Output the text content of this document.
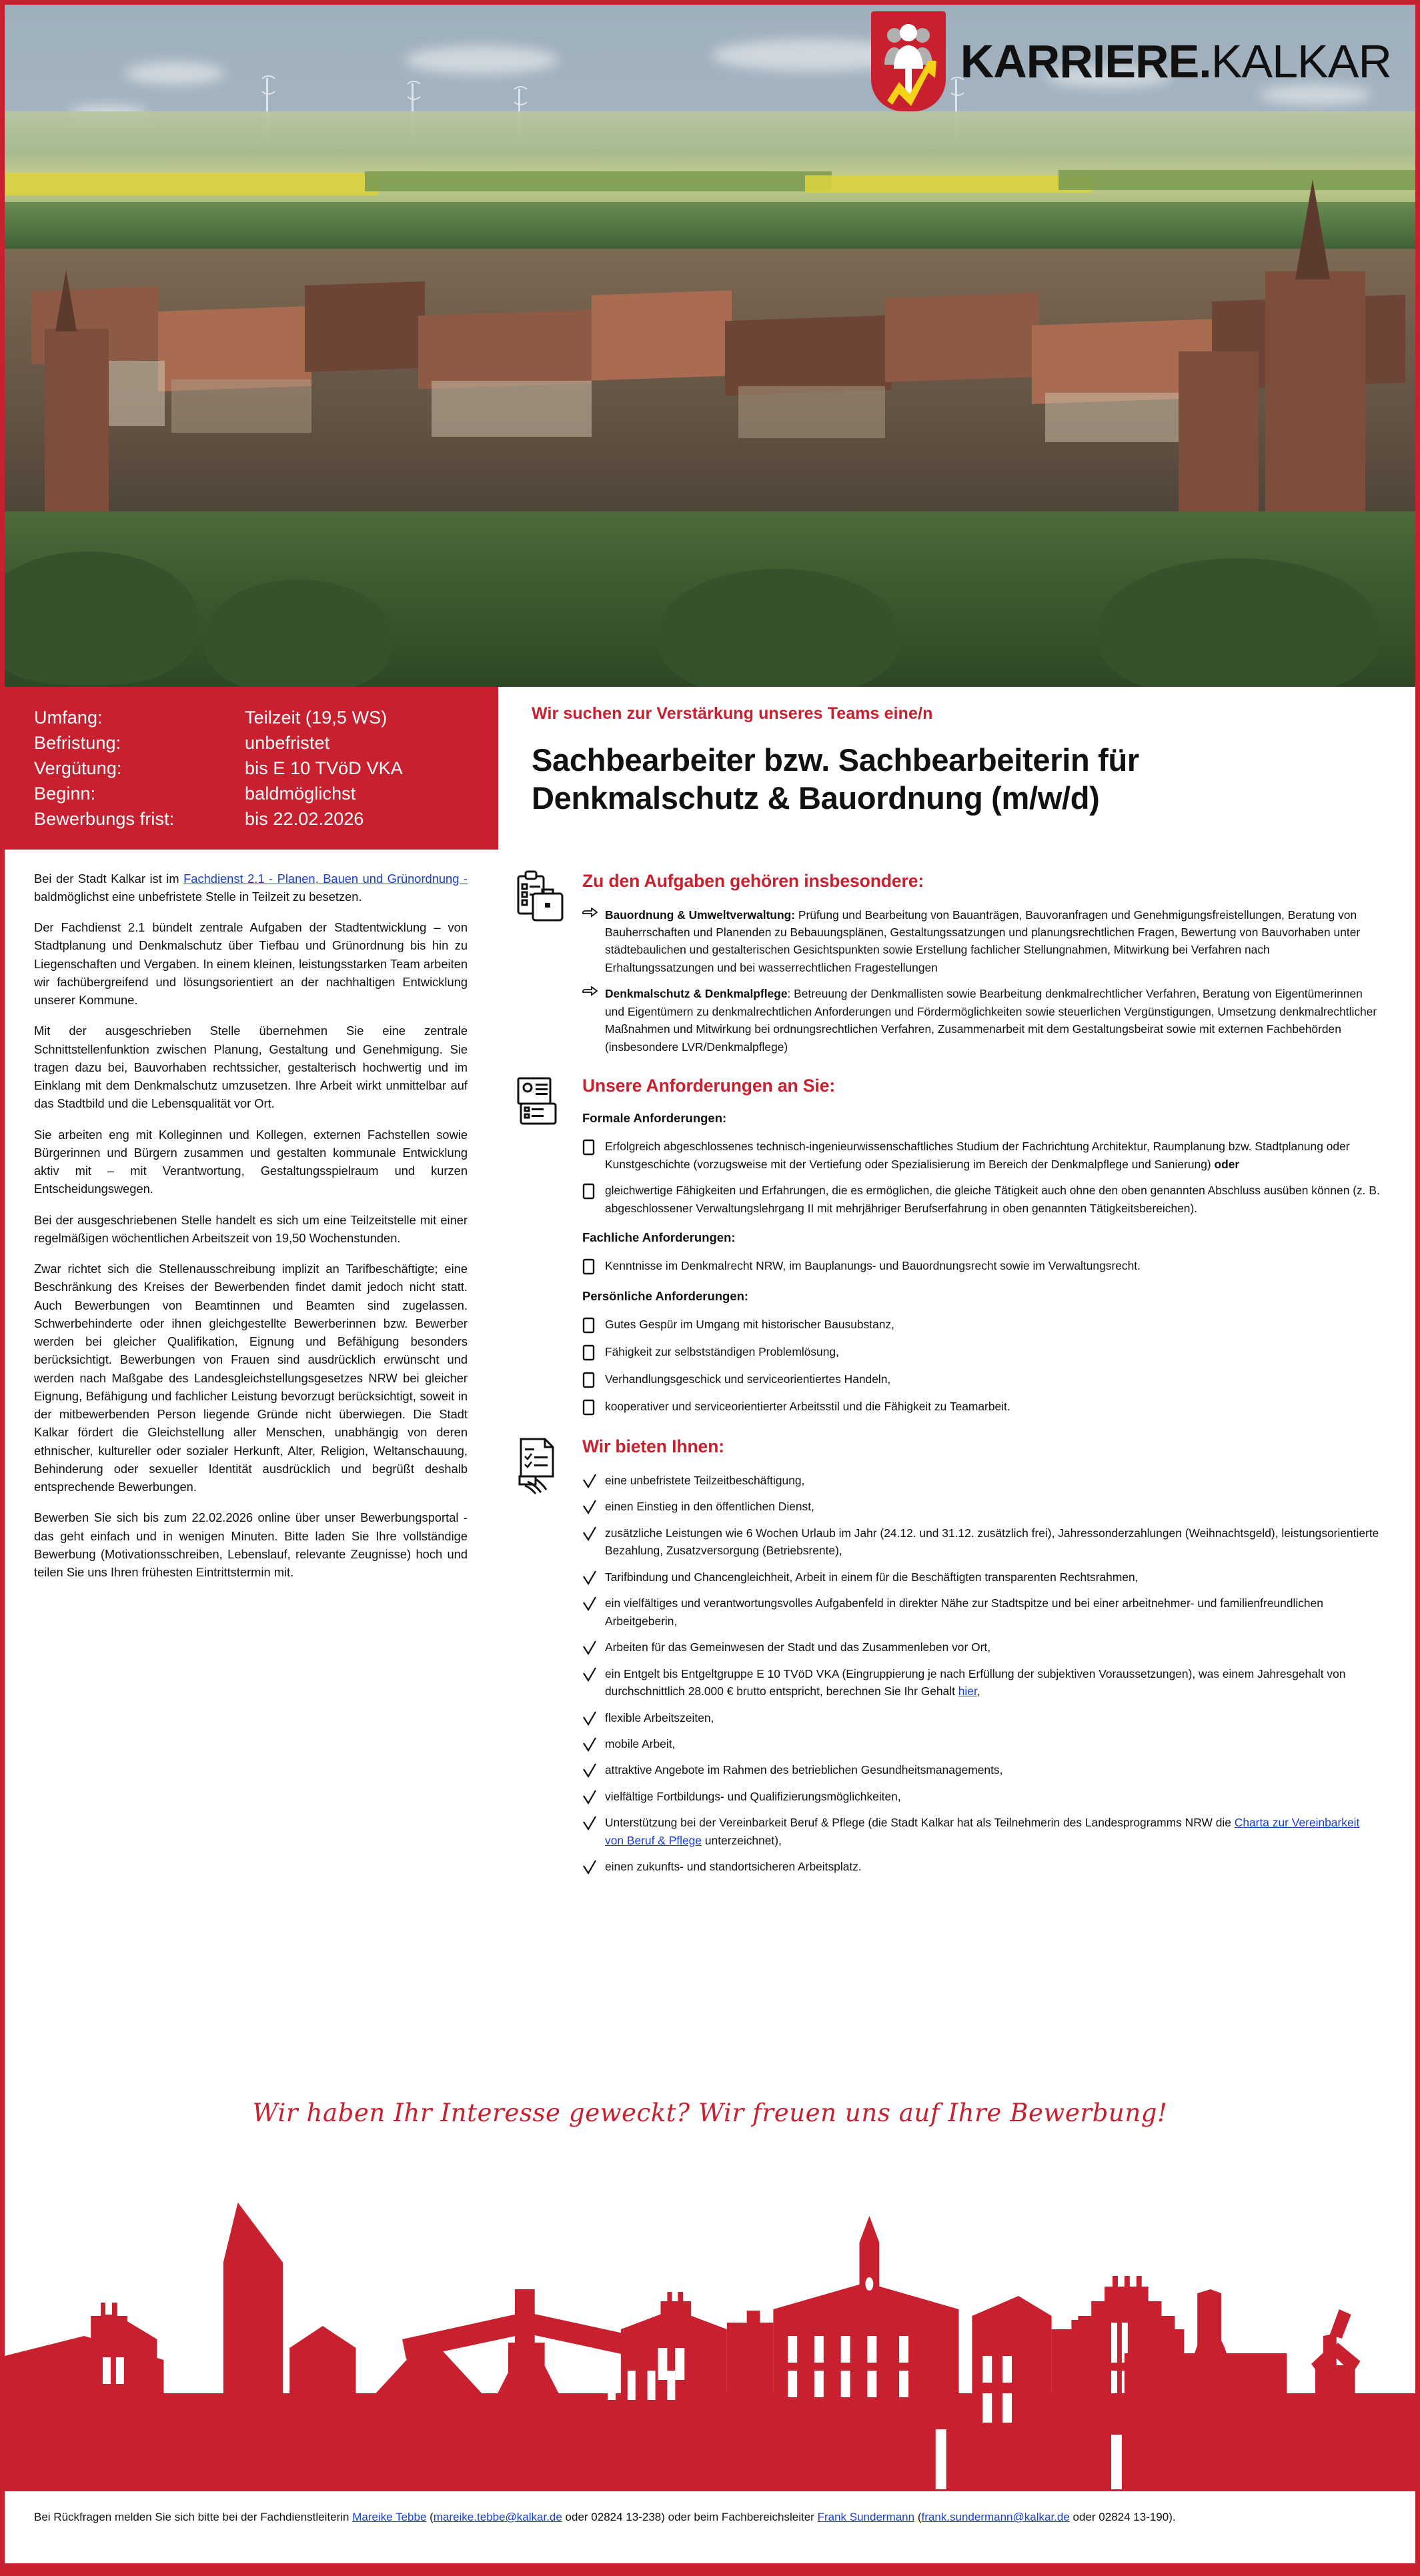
KARRIERE.KALKAR
Umfang:	Teilzeit (19,5 WS)
Befristung:	unbefristet
Vergütung:	bis E 10 TVöD VKA
Beginn:	baldmöglichst
Bewerbungs frist:	bis 22.02.2026

Wir suchen zur Verstärkung unseres Teams eine/n

Sachbearbeiter bzw. Sachbearbeiterin für
Denkmalschutz & Bauordnung (m/w/d)

Bei der Stadt Kalkar ist im Fachdienst 2.1 - Planen, Bauen und Grünordnung - baldmöglichst eine unbefristete Stelle in Teilzeit zu besetzen.

Der Fachdienst 2.1 bündelt zentrale Aufgaben der Stadtentwicklung – von Stadtplanung und Denkmalschutz über Tiefbau und Grünordnung bis hin zu Liegenschaften und Vergaben. In einem kleinen, leistungsstarken Team arbeiten wir fachübergreifend und lösungsorientiert an der nachhaltigen Entwicklung unserer Kommune.

Mit der ausgeschrieben Stelle übernehmen Sie eine zentrale Schnittstellenfunktion zwischen Planung, Gestaltung und Genehmigung. Sie tragen dazu bei, Bauvorhaben rechtssicher, gestalterisch hochwertig und im Einklang mit dem Denkmalschutz umzusetzen. Ihre Arbeit wirkt unmittelbar auf das Stadtbild und die Lebensqualität vor Ort.

Sie arbeiten eng mit Kolleginnen und Kollegen, externen Fachstellen sowie Bürgerinnen und Bürgern zusammen und gestalten kommunale Entwicklung aktiv mit – mit Verantwortung, Gestaltungsspielraum und kurzen Entscheidungswegen.

Bei der ausgeschriebenen Stelle handelt es sich um eine Teilzeitstelle mit einer regelmäßigen wöchentlichen Arbeitszeit von 19,50 Wochenstunden.

Zwar richtet sich die Stellenausschreibung implizit an Tarifbeschäftigte; eine Beschränkung des Kreises der Bewerbenden findet damit jedoch nicht statt. Auch Bewerbungen von Beamtinnen und Beamten sind zugelassen. Schwerbehinderte oder ihnen gleichgestellte Bewerberinnen bzw. Bewerber werden bei gleicher Qualifikation, Eignung und Befähigung besonders berücksichtigt. Bewerbungen von Frauen sind ausdrücklich erwünscht und werden nach Maßgabe des Landesgleichstellungsgesetzes NRW bei gleicher Eignung, Befähigung und fachlicher Leistung bevorzugt berücksichtigt, soweit in der mitbewerbenden Person liegende Gründe nicht überwiegen. Die Stadt Kalkar fördert die Gleichstellung aller Menschen, unabhängig von deren ethnischer, kultureller oder sozialer Herkunft, Alter, Religion, Weltanschauung, Behinderung oder sexueller Identität ausdrücklich und begrüßt deshalb entsprechende Bewerbungen.

Bewerben Sie sich bis zum 22.02.2026 online über unser Bewerbungsportal - das geht einfach und in wenigen Minuten. Bitte laden Sie Ihre vollständige Bewerbung (Motivationsschreiben, Lebenslauf, relevante Zeugnisse) hoch und teilen Sie uns Ihren frühesten Eintrittstermin mit.

Zu den Aufgaben gehören insbesondere:
Bauordnung & Umweltverwaltung: Prüfung und Bearbeitung von Bauanträgen, Bauvoranfragen und Genehmigungsfreistellungen, Beratung von Bauherrschaften und Planenden zu Bebauungsplänen, Gestaltungssatzungen und planungsrechtlichen Fragen, Bewertung von Bauvorhaben unter städtebaulichen und gestalterischen Gesichtspunkten sowie Erstellung fachlicher Stellungnahmen, Mitwirkung bei Verfahren nach Erhaltungssatzungen und bei wasserrechtlichen Fragestellungen
Denkmalschutz & Denkmalpflege: Betreuung der Denkmallisten sowie Bearbeitung denkmalrechtlicher Verfahren, Beratung von Eigentümerinnen und Eigentümern zu denkmalrechtlichen Anforderungen und Fördermöglichkeiten sowie steuerlichen Vergünstigungen, Umsetzung denkmalrechtlicher Maßnahmen und Mitwirkung bei ordnungsrechtlichen Verfahren, Zusammenarbeit mit dem Gestaltungsbeirat sowie mit externen Fachbehörden (insbesondere LVR/Denkmalpflege)
Unsere Anforderungen an Sie:

Formale Anforderungen:

Erfolgreich abgeschlossenes technisch-ingenieurwissenschaftliches Studium der Fachrichtung Architektur, Raumplanung bzw. Stadtplanung oder Kunstgeschichte (vorzugsweise mit der Vertiefung oder Spezialisierung im Bereich der Denkmalpflege und Sanierung) oder
gleichwertige Fähigkeiten und Erfahrungen, die es ermöglichen, die gleiche Tätigkeit auch ohne den oben genannten Abschluss ausüben können (z. B. abgeschlossener Verwaltungslehrgang II mit mehrjähriger Berufserfahrung in oben genannten Tätigkeitsbereichen).

Fachliche Anforderungen:

Kenntnisse im Denkmalrecht NRW, im Bauplanungs- und Bauordnungsrecht sowie im Verwaltungsrecht.

Persönliche Anforderungen:

Gutes Gespür im Umgang mit historischer Bausubstanz,
Fähigkeit zur selbstständigen Problemlösung,
Verhandlungsgeschick und serviceorientiertes Handeln,
kooperativer und serviceorientierter Arbeitsstil und die Fähigkeit zu Teamarbeit.
Wir bieten Ihnen:
eine unbefristete Teilzeitbeschäftigung,
einen Einstieg in den öffentlichen Dienst,
zusätzliche Leistungen wie 6 Wochen Urlaub im Jahr (24.12. und 31.12. zusätzlich frei), Jahressonderzahlungen (Weihnachtsgeld), leistungsorientierte Bezahlung, Zusatzversorgung (Betriebsrente),
Tarifbindung und Chancengleichheit, Arbeit in einem für die Beschäftigten transparenten Rechtsrahmen,
ein vielfältiges und verantwortungsvolles Aufgabenfeld in direkter Nähe zur Stadtspitze und bei einer arbeitnehmer- und familienfreundlichen Arbeitgeberin,
Arbeiten für das Gemeinwesen der Stadt und das Zusammenleben vor Ort,
ein Entgelt bis Entgeltgruppe E 10 TVöD VKA (Eingruppierung je nach Erfüllung der subjektiven Voraussetzungen), was einem Jahresgehalt von durchschnittlich 28.000 € brutto entspricht, berechnen Sie Ihr Gehalt hier,
flexible Arbeitszeiten,
mobile Arbeit,
attraktive Angebote im Rahmen des betrieblichen Gesundheitsmanagements,
vielfältige Fortbildungs- und Qualifizierungsmöglichkeiten,
Unterstützung bei der Vereinbarkeit Beruf & Pflege (die Stadt Kalkar hat als Teilnehmerin des Landesprogramms NRW die Charta zur Vereinbarkeit von Beruf & Pflege unterzeichnet),
einen zukunfts- und standortsicheren Arbeitsplatz.
Wir haben Ihr Interesse geweckt? Wir freuen uns auf Ihre Bewerbung!

Bei Rückfragen melden Sie sich bitte bei der Fachdienstleiterin Mareike Tebbe (mareike.tebbe@kalkar.de oder 02824 13-238) oder beim Fachbereichsleiter Frank Sundermann (frank.sundermann@kalkar.de oder 02824 13-190).
